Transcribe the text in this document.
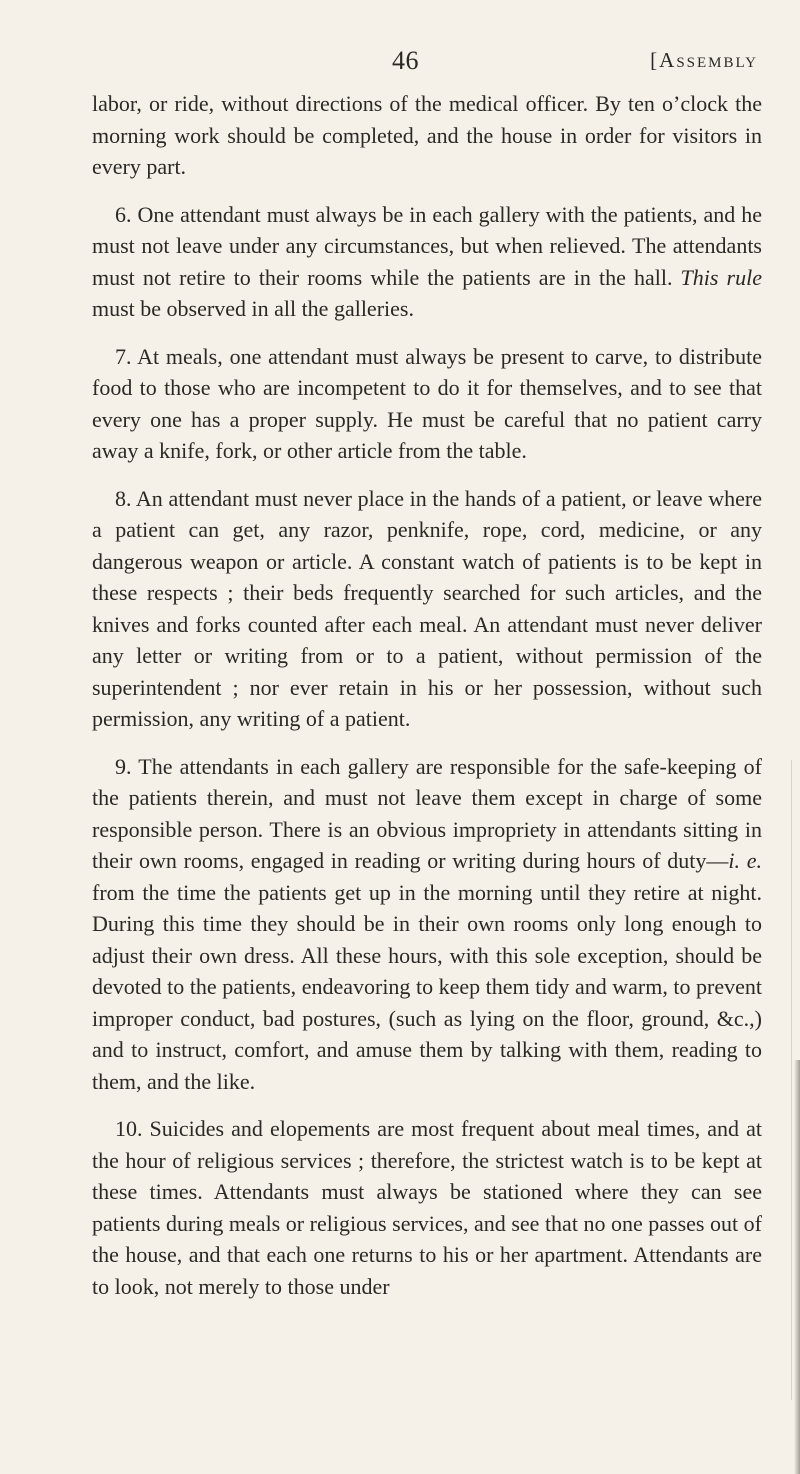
46	[Assembly

labor, or ride, without directions of the medical officer. By ten o’clock the morning work should be completed, and the house in order for visitors in every part.

6. One attendant must always be in each gallery with the patients, and he must not leave under any circumstances, but when relieved. The attendants must not retire to their rooms while the patients are in the hall. This rule must be observed in all the galleries.

7. At meals, one attendant must always be present to carve, to distribute food to those who are incompetent to do it for themselves, and to see that every one has a proper supply. He must be careful that no patient carry away a knife, fork, or other article from the table.

8. An attendant must never place in the hands of a patient, or leave where a patient can get, any razor, penknife, rope, cord, medicine, or any dangerous weapon or article. A constant watch of patients is to be kept in these respects ; their beds frequently searched for such articles, and the knives and forks counted after each meal. An attendant must never deliver any letter or writing from or to a patient, without permission of the superintendent ; nor ever retain in his or her possession, without such permission, any writing of a patient.

9. The attendants in each gallery are responsible for the safe-keeping of the patients therein, and must not leave them except in charge of some responsible person. There is an obvious impropriety in attendants sitting in their own rooms, engaged in reading or writing during hours of duty—i. e. from the time the patients get up in the morning until they retire at night. During this time they should be in their own rooms only long enough to adjust their own dress. All these hours, with this sole exception, should be devoted to the patients, endeavoring to keep them tidy and warm, to prevent improper conduct, bad postures, (such as lying on the floor, ground, &c.,) and to instruct, comfort, and amuse them by talking with them, reading to them, and the like.

10. Suicides and elopements are most frequent about meal times, and at the hour of religious services ; therefore, the strictest watch is to be kept at these times. Attendants must always be stationed where they can see patients during meals or religious services, and see that no one passes out of the house, and that each one returns to his or her apartment. Attendants are to look, not merely to those under
